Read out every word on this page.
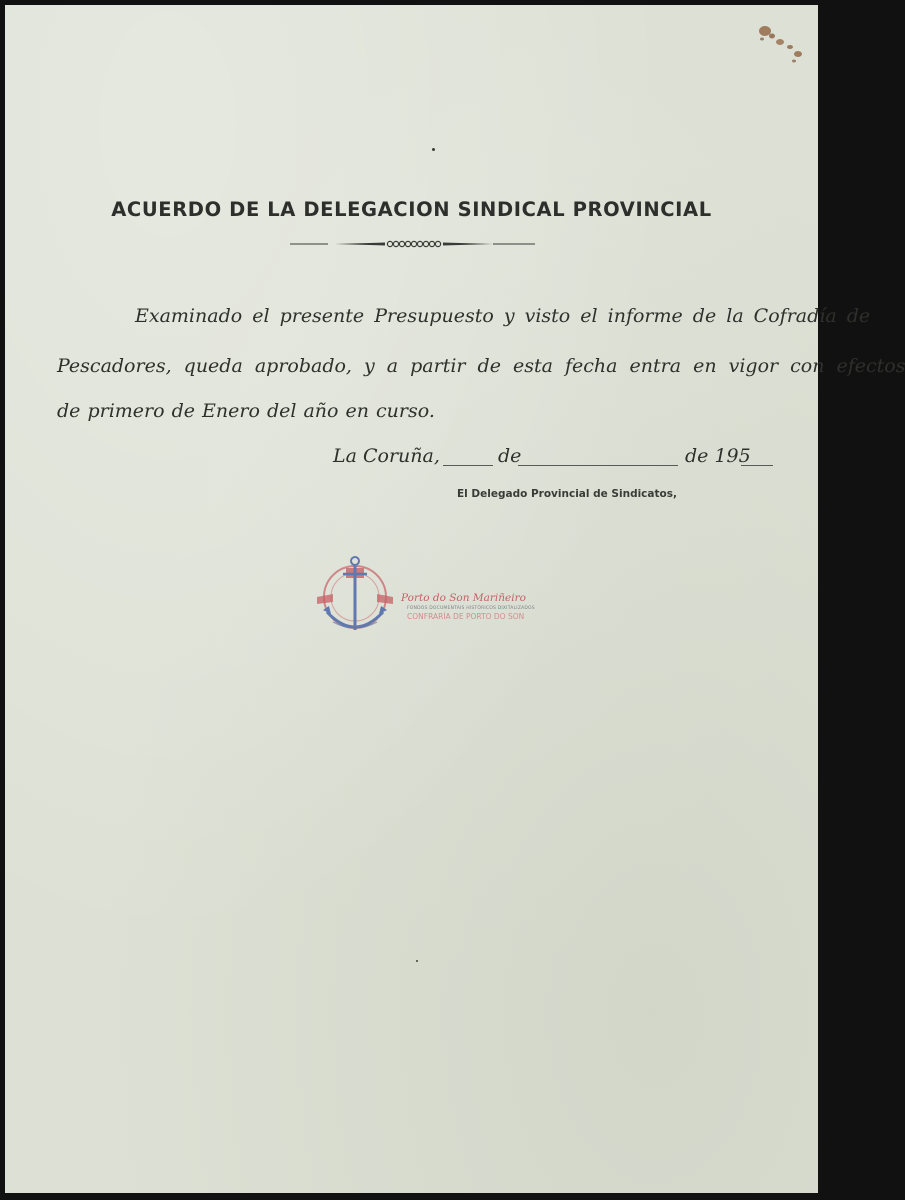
ACUERDO DE LA DELEGACION SINDICAL PROVINCIAL
Examinado el presente Presupuesto y visto el informe de la Cofradía de
Pescadores, queda aprobado, y a partir de esta fecha entra en vigor con efectos
de primero de Enero del año en curso.
La Coruña,	de	de 195
El Delegado Provincial de Sindicatos,
Porto do Son Mariñeiro
FONDOS DOCUMENTAIS HISTÓRICOS DIXITALIZADOS
CONFRARÍA DE PORTO DO SON
